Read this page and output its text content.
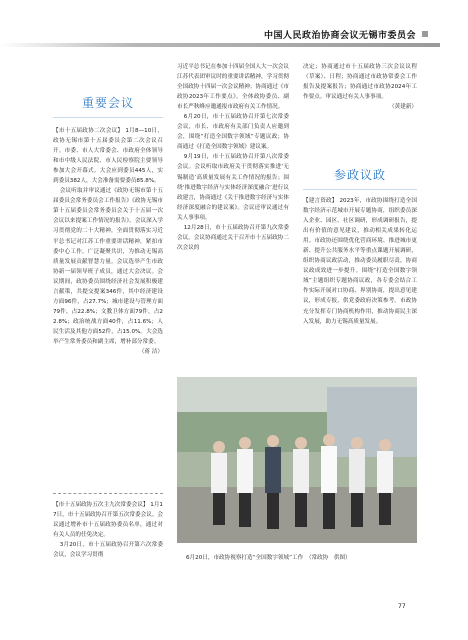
中国人民政治协商会议无锡市委员会
重要会议

【市十五届政协二次会议】 1月8—10日，政协无锡市第十五届委员会第二次会议召开。市委、市人大常委会、市政府全体领导和市中级人民法院、市人民检察院主要领导参加大会开幕式。大会应到委员445人，实到委员382人，大会准备需要委员85.8%。

会议听取并审议通过《政协无锡市第十五届委员会常务委员会工作报告》《政协无锡市第十五届委员会常务委员会关于十五届一次会议以来提案工作情况的报告》。会议深入学习贯彻党的二十大精神，全面贯彻落实习近平总书记对江苏工作重要讲话精神，紧扣市委中心工作，广泛凝聚共识，为推动无锡高质量发展贡献智慧力量。会议选举产生市政协新一届领导班子成员，通过大会决议。会议期间，政协委员围绕经济社会发展积极建言献策，共提交提案346件，其中经济建设方面96件，占27.7%；城市建设与管理方面79件，占22.8%；文教卫体方面79件，占22.8%；政治统战方面40件，占11.6%；人民生活及其他方面52件，占15.0%。大会选举产生常务委员和副主席，增补部分常委。

（蒋 洁）

【市十五届政协五次主九次常委会议】 1月17日，市十五届政协召开第五次常委会议。会议通过增补市十五届政协委员名单，通过对有关人员的任免决定。

3月20日，市十五届政协召开第六次常委会议，会议学习贯彻

习近平总书记在参加十四届全国人大一次会议江苏代表团审议时的重要讲话精神，学习贯彻全国政协十四届一次会议精神；协商通过《市政协2023年工作要点》。全体政协委员、副市长严秋峰应邀通报市政府有关工作情况。

6月20日，市十五届政协召开第七次常委会议，市长、市政府有关部门负责人应邀到会，围绕“打造全国数字领域”专题议政；协商通过《打造全国数字领域》建议案。

9月19日，市十五届政协召开第八次常委会议。会议听取市政府关于贯彻落实推进‘无锡制造’高质量发展有关工作情况的报告；围绕‘推进数字经济与实体经济深度融合’进行议政建言，协商通过《关于推进数字经济与实体经济深度融合的建议案》。会议还审议通过有关人事事项。

12月28日，市十五届政协召开第九次常委会议。会议协商通过关于召开市十五届政协二次会议的

决定；协商通过市十五届政协三次会议议程（草案）、日程；协商通过市政协常委会工作报告及提案报告；协商通过市政协2024年工作要点。审议通过有关人事事项。

（黄建新）

参政议政

【建言资政】 2023年，市政协围绕打造全国数字经济示范城市开展专题协商，组织委员深入企业、园区、社区调研，形成调研报告，提出有价值的意见建议，推动相关成果转化运用。市政协还围绕优化营商环境、推进城市更新、提升公共服务水平等重点课题开展调研，组织协商议政活动，推动委员履职尽责，协商议政成效进一步提升。围绕“打造全国数字领域”主题组织专题协商议政，各专委会结合工作实际开展对口协商、界别协商，提出意见建议，形成专报，供党委政府决策参考。市政协充分发挥专门协商机构作用，推动协商民主深入发展，助力无锡高质量发展。

6月20日，市政协视察打造“全国数字领域”工作　（常政协　供图）
77
